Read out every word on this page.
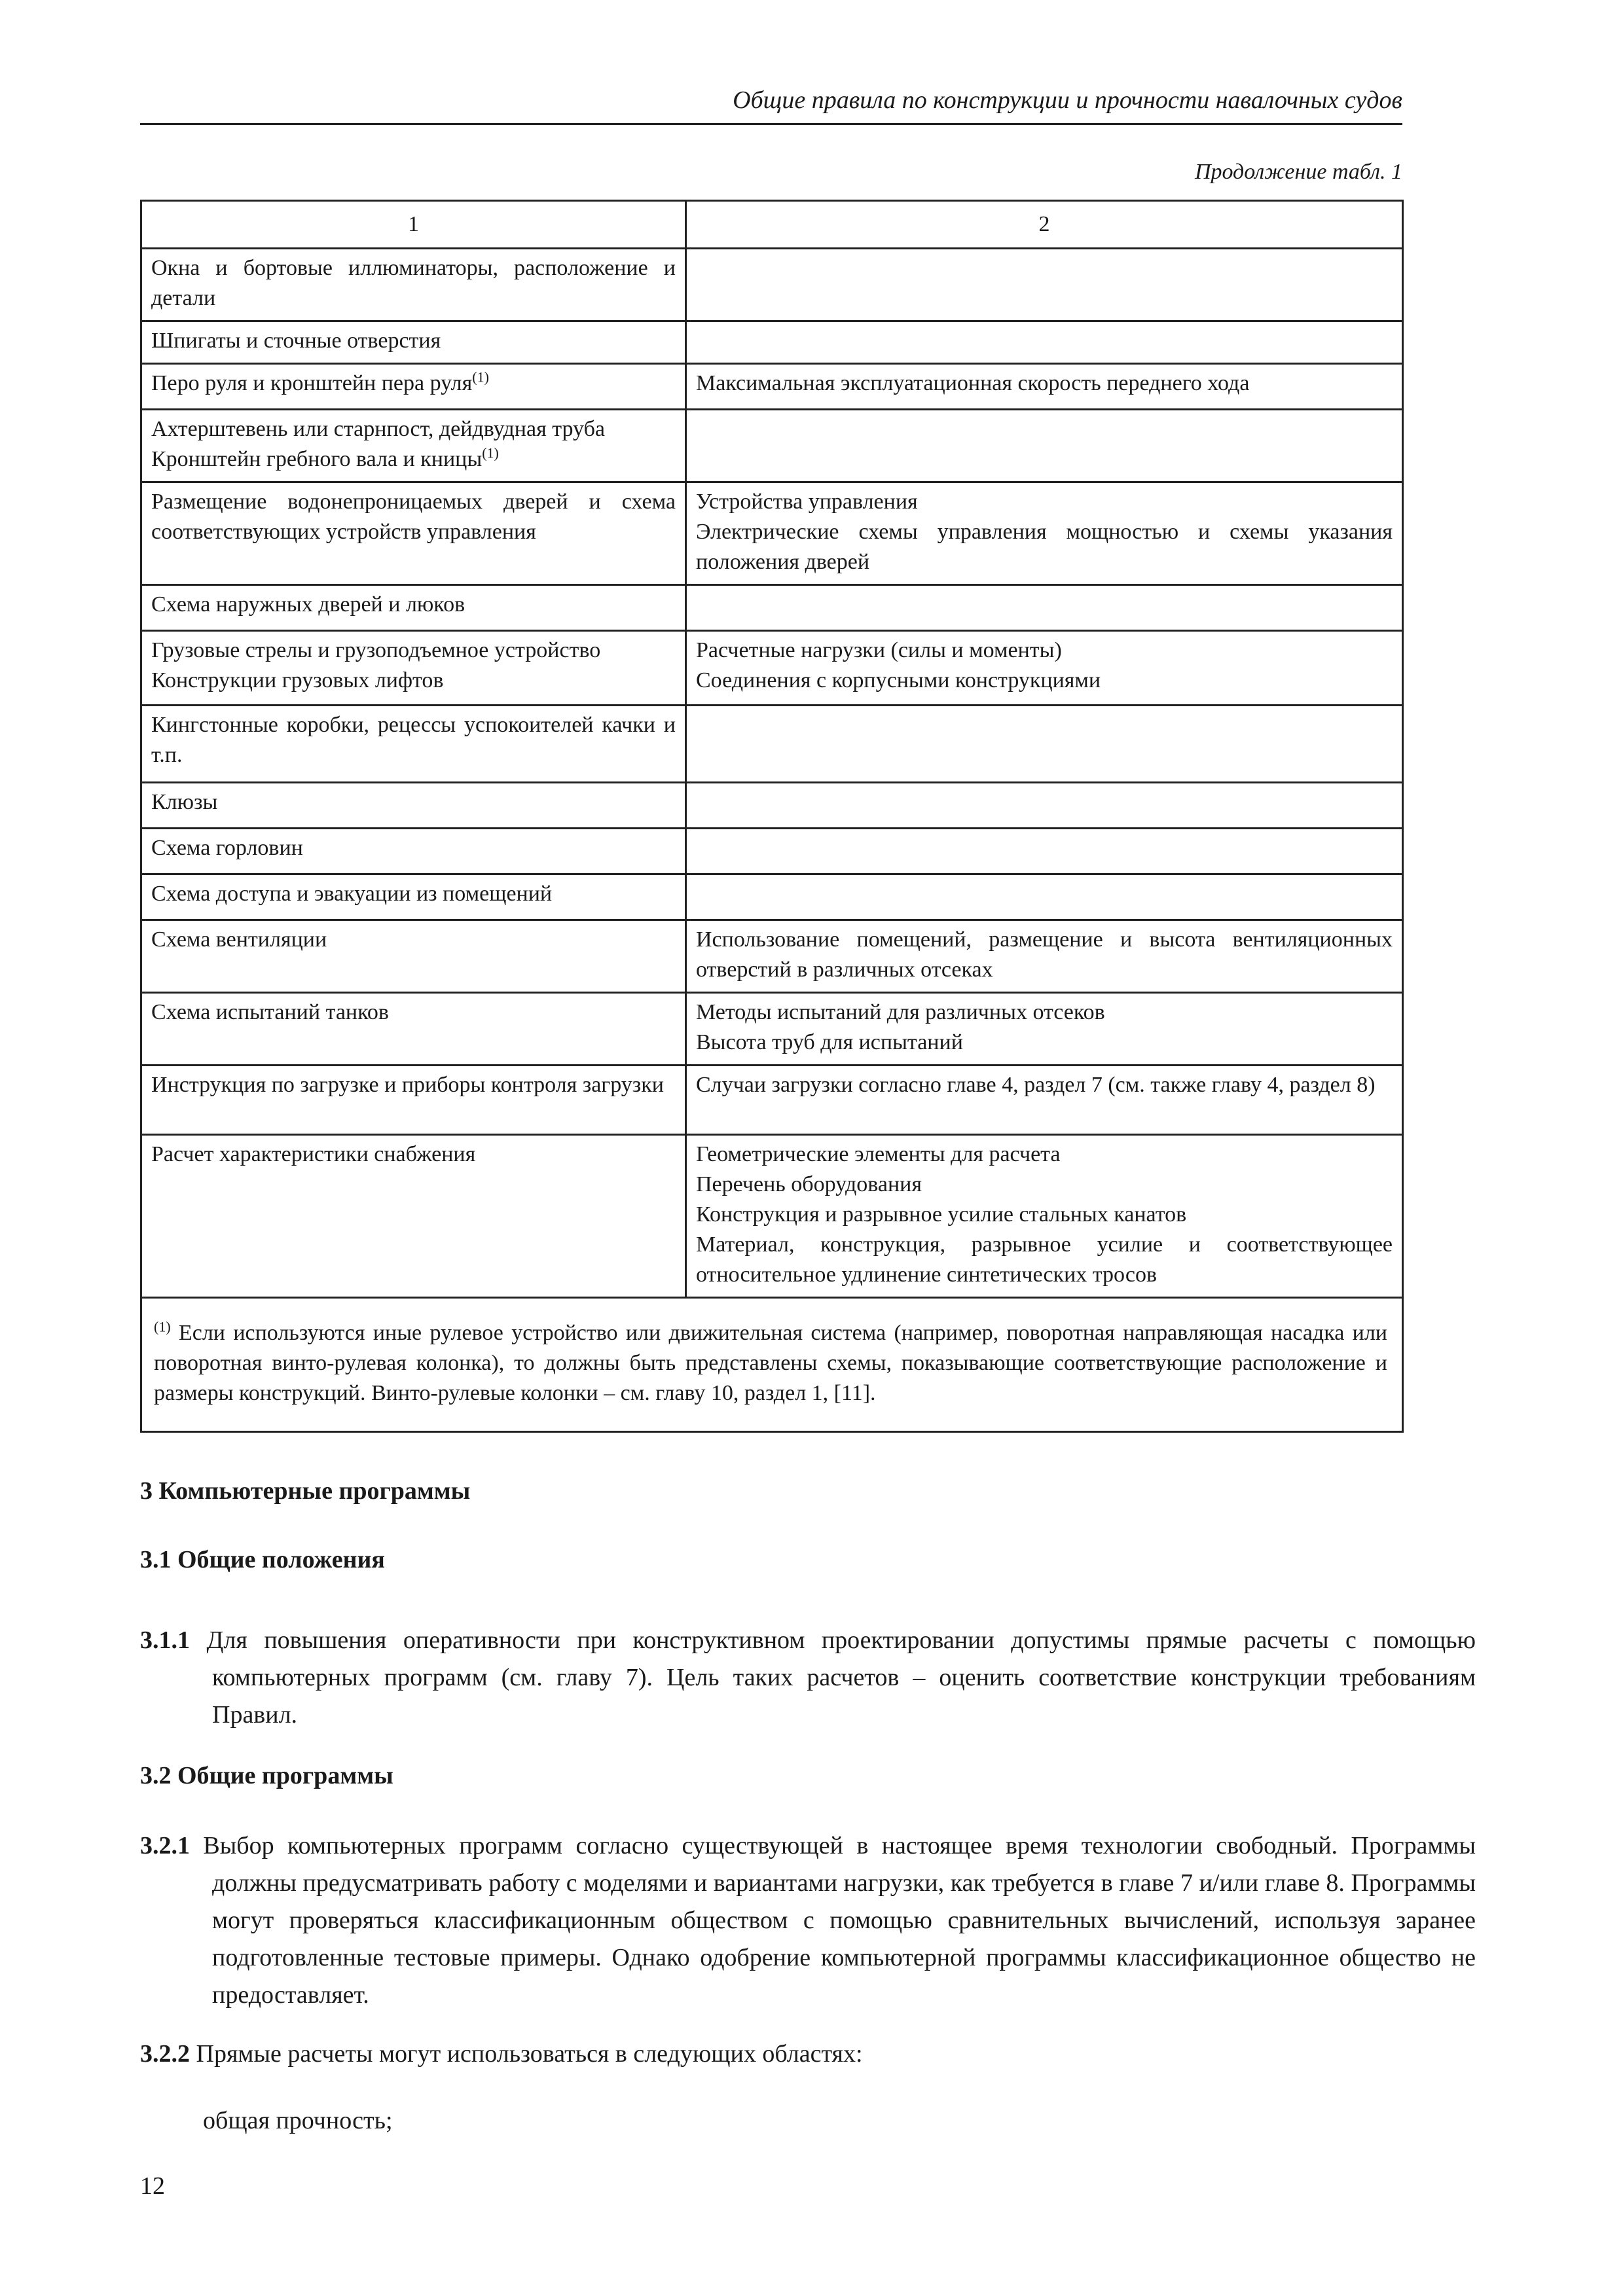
Общие правила по конструкции и прочности навалочных судов
Продолжение табл. 1
1	2

Окна и бортовые иллюминаторы, расположение и детали	

Шпигаты и сточные отверстия	

Перо руля и кронштейн пера руля$^{(1)}$	Максимальная эксплуатационная скорость переднего хода

Ахтерштевень или старнпост, дейдвудная труба
Кронштейн гребного вала и кницы$^{(1)}$

Размещение водонепроницаемых дверей и схема соответствующих устройств управления	Устройства управления
Электрические схемы управления мощностью и схемы указания положения дверей

Схема наружных дверей и люков	

Грузовые стрелы и грузоподъемное устройство
Конструкции грузовых лифтов	Расчетные нагрузки (силы и моменты)
Соединения с корпусными конструкциями

Кингстонные коробки, рецессы успокоителей качки и т.п.	

Клюзы	

Схема горловин	

Схема доступа и эвакуации из помещений	

Схема вентиляции	Использование помещений, размещение и высота вентиляционных отверстий в различных отсеках

Схема испытаний танков	Методы испытаний для различных отсеков
Высота труб для испытаний

Инструкция по загрузке и приборы контроля загрузки	Случаи загрузки согласно главе 4, раздел 7 (см. также главу 4, раздел 8)

Расчет характеристики снабжения	Геометрические элементы для расчета
Перечень оборудования
Конструкция и разрывное усилие стальных канатов
Материал, конструкция, разрывное усилие и соответствующее относительное удлинение синтетических тросов

$^{(1)}$ Если используются иные рулевое устройство или движительная система (например, поворотная направляющая насадка или поворотная винто-рулевая колонка), то должны быть представлены схемы, показывающие соответствующие расположение и размеры конструкций. Винто-рулевые колонки – см. главу 10, раздел 1, [11].	
3 Компьютерные программы
3.1 Общие положения
3.1.1 Для повышения оперативности при конструктивном проектировании допустимы прямые расчеты с помощью компьютерных программ (см. главу 7). Цель таких расчетов – оценить соответствие конструкции требованиям Правил.
3.2 Общие программы
3.2.1 Выбор компьютерных программ согласно существующей в настоящее время технологии свободный. Программы должны предусматривать работу с моделями и вариантами нагрузки, как требуется в главе 7 и/или главе 8. Программы могут проверяться классификационным обществом с помощью сравнительных вычислений, используя заранее подготовленные тестовые примеры. Однако одобрение компьютерной программы классификационное общество не предоставляет.
3.2.2 Прямые расчеты могут использоваться в следующих областях:
общая прочность;
12
